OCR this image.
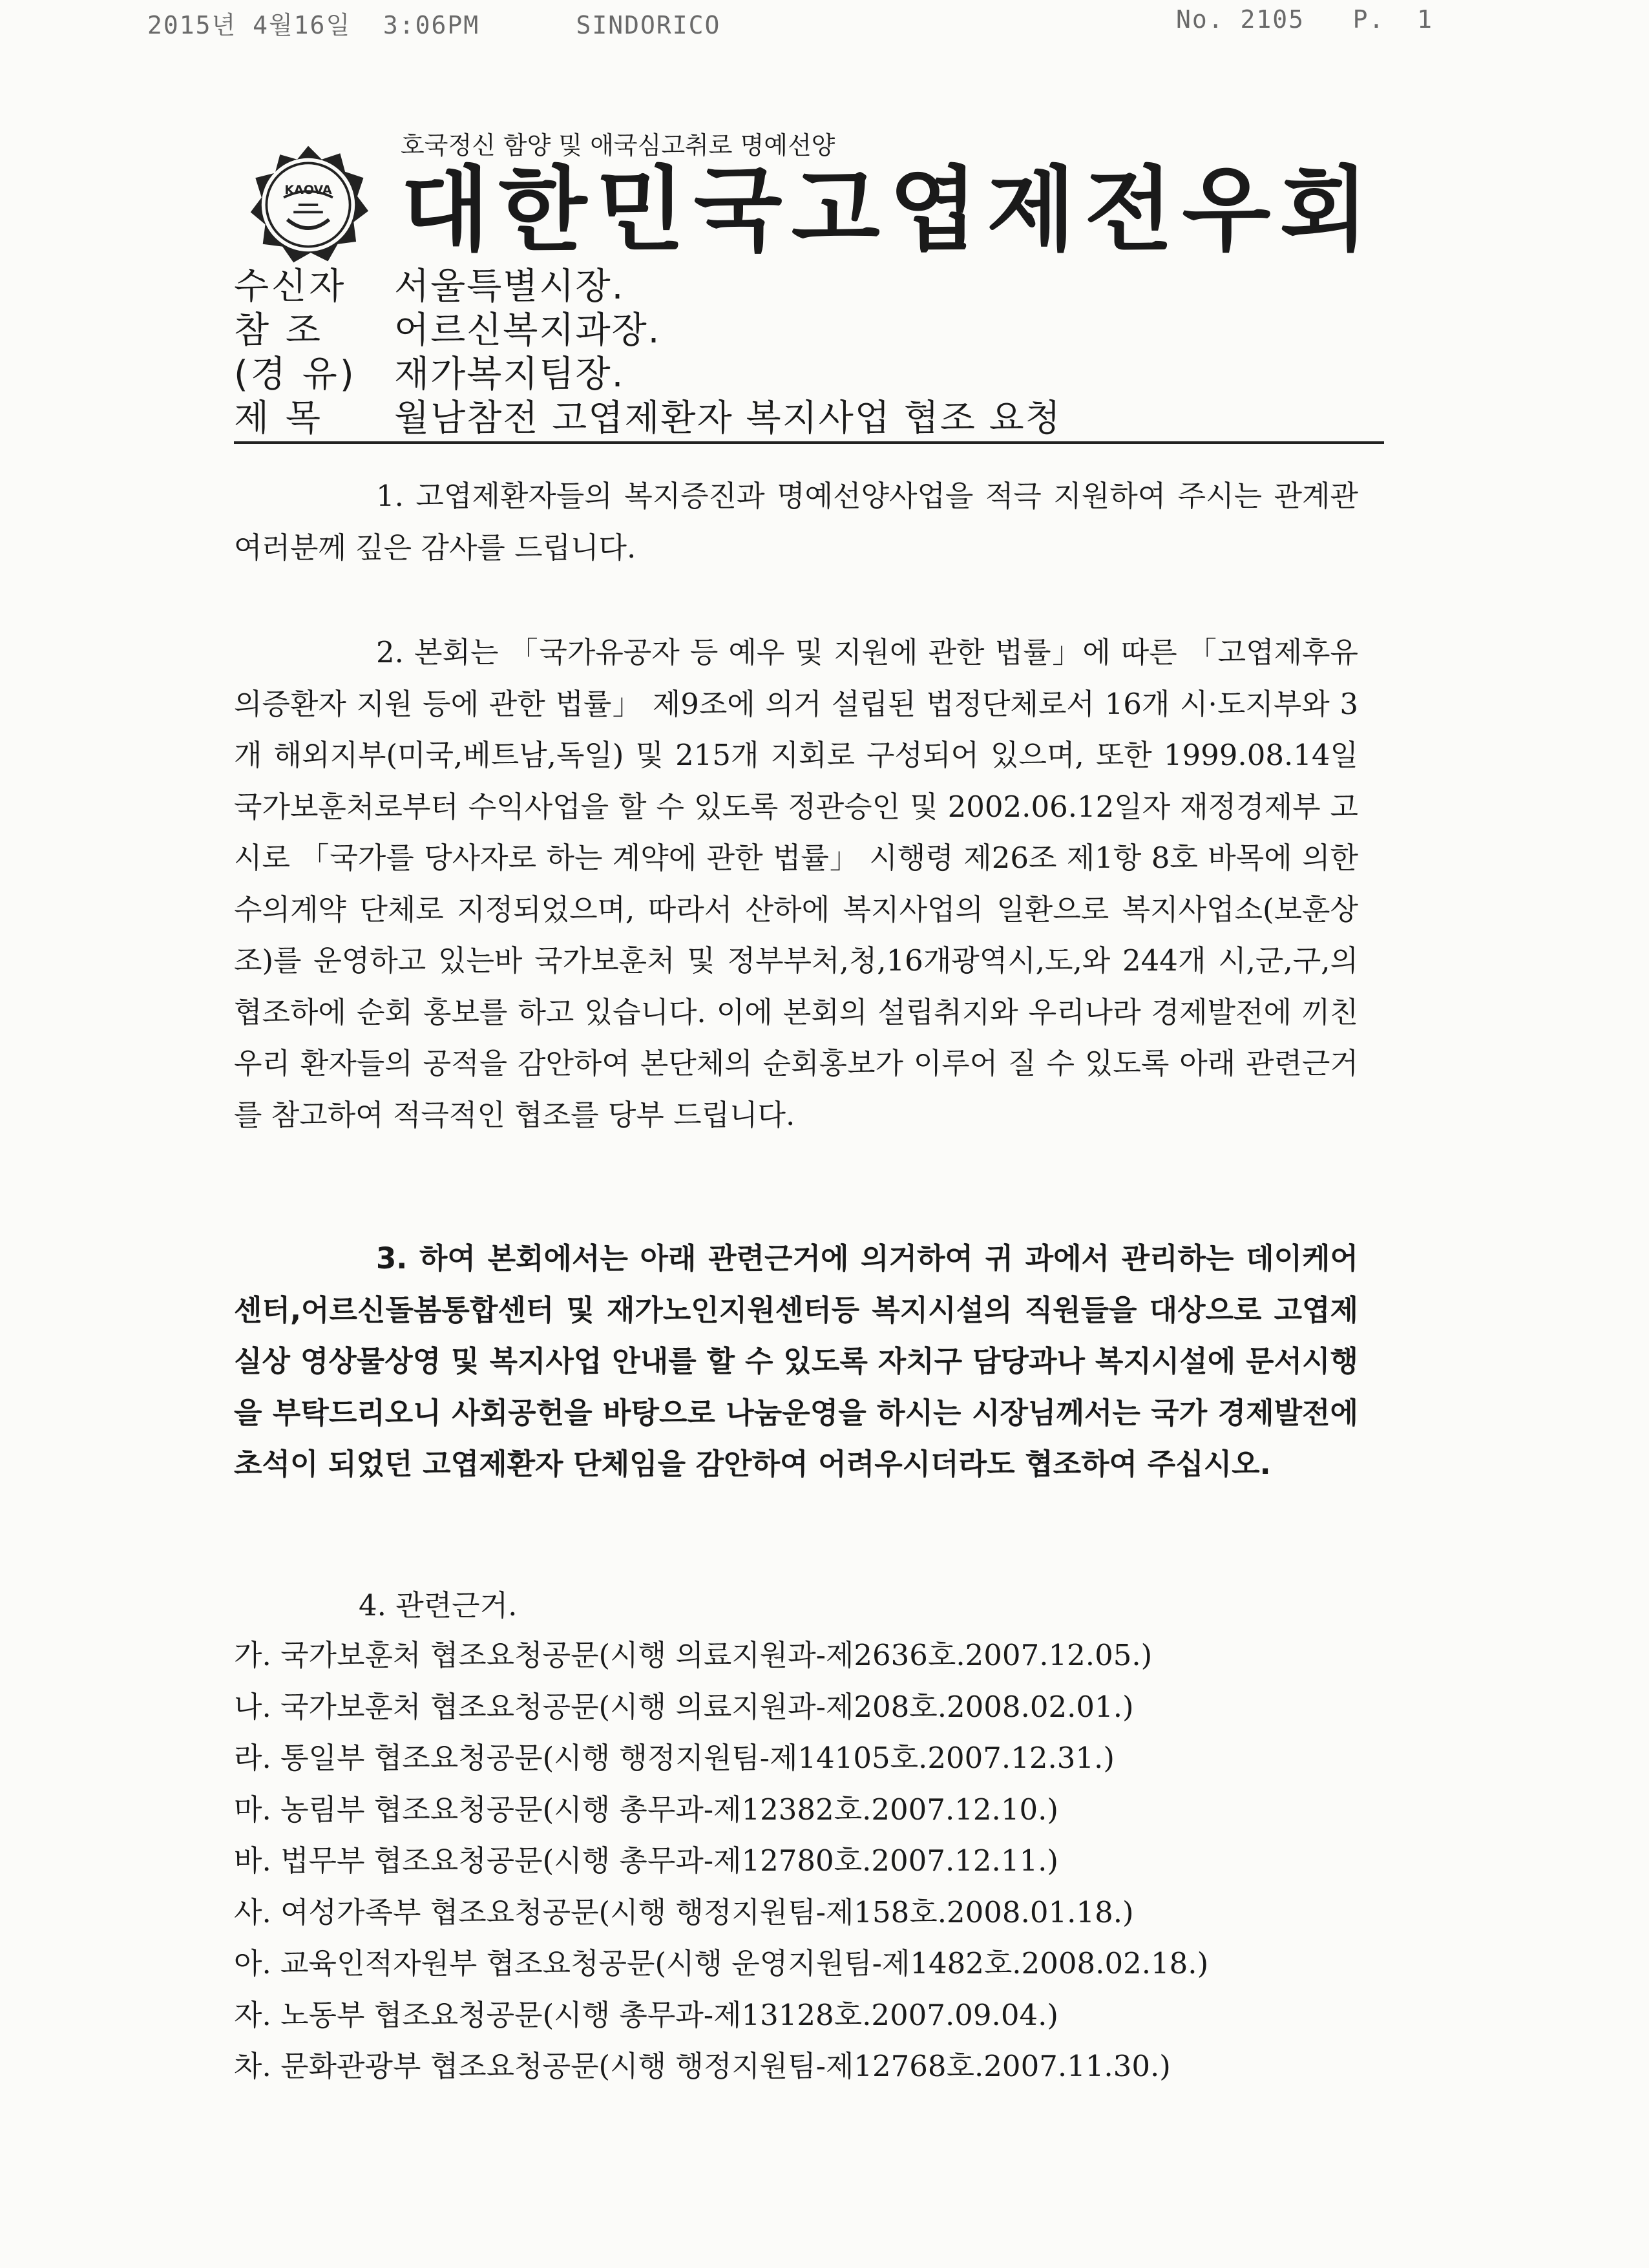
2015년 4월16일  3:06PM      SINDORICO	No. 2105   P.  1
KAOVA
호국정신 함양 및 애국심고취로 명예선양
대한민국고엽제전우회
수신자 서울특별시장.
참 조 어르신복지과장.
(경 유) 재가복지팀장.
제 목 월남참전 고엽제환자 복지사업 협조 요청
1. 고엽제환자들의 복지증진과 명예선양사업을 적극 지원하여 주시는 관계관 여러분께 깊은 감사를 드립니다.
2. 본회는 「국가유공자 등 예우 및 지원에 관한 법률」에 따른 「고엽제후유의증환자 지원 등에 관한 법률」 제9조에 의거 설립된 법정단체로서 16개 시·도지부와 3개 해외지부(미국,베트남,독일) 및 215개 지회로 구성되어 있으며, 또한 1999.08.14일 국가보훈처로부터 수익사업을 할 수 있도록 정관승인 및 2002.06.12일자 재정경제부 고시로 「국가를 당사자로 하는 계약에 관한 법률」 시행령 제26조 제1항 8호 바목에 의한 수의계약 단체로 지정되었으며, 따라서 산하에 복지사업의 일환으로 복지사업소(보훈상조)를 운영하고 있는바 국가보훈처 및 정부부처,청,16개광역시,도,와 244개 시,군,구,의 협조하에 순회 홍보를 하고 있습니다. 이에 본회의 설립취지와 우리나라 경제발전에 끼친 우리 환자들의 공적을 감안하여 본단체의 순회홍보가 이루어 질 수 있도록 아래 관련근거를 참고하여 적극적인 협조를 당부 드립니다.
3. 하여 본회에서는 아래 관련근거에 의거하여 귀 과에서 관리하는 데이케어센터,어르신돌봄통합센터 및 재가노인지원센터등 복지시설의 직원들을 대상으로 고엽제실상 영상물상영 및 복지사업 안내를 할 수 있도록 자치구 담당과나 복지시설에 문서시행을 부탁드리오니 사회공헌을 바탕으로 나눔운영을 하시는 시장님께서는 국가 경제발전에 초석이 되었던 고엽제환자 단체임을 감안하여 어려우시더라도 협조하여 주십시오.
4. 관련근거.
가. 국가보훈처 협조요청공문(시행 의료지원과-제2636호.2007.12.05.)
나. 국가보훈처 협조요청공문(시행 의료지원과-제208호.2008.02.01.)
라. 통일부 협조요청공문(시행 행정지원팀-제14105호.2007.12.31.)
마. 농림부 협조요청공문(시행 총무과-제12382호.2007.12.10.)
바. 법무부 협조요청공문(시행 총무과-제12780호.2007.12.11.)
사. 여성가족부 협조요청공문(시행 행정지원팀-제158호.2008.01.18.)
아. 교육인적자원부 협조요청공문(시행 운영지원팀-제1482호.2008.02.18.)
자. 노동부 협조요청공문(시행 총무과-제13128호.2007.09.04.)
차. 문화관광부 협조요청공문(시행 행정지원팀-제12768호.2007.11.30.)
